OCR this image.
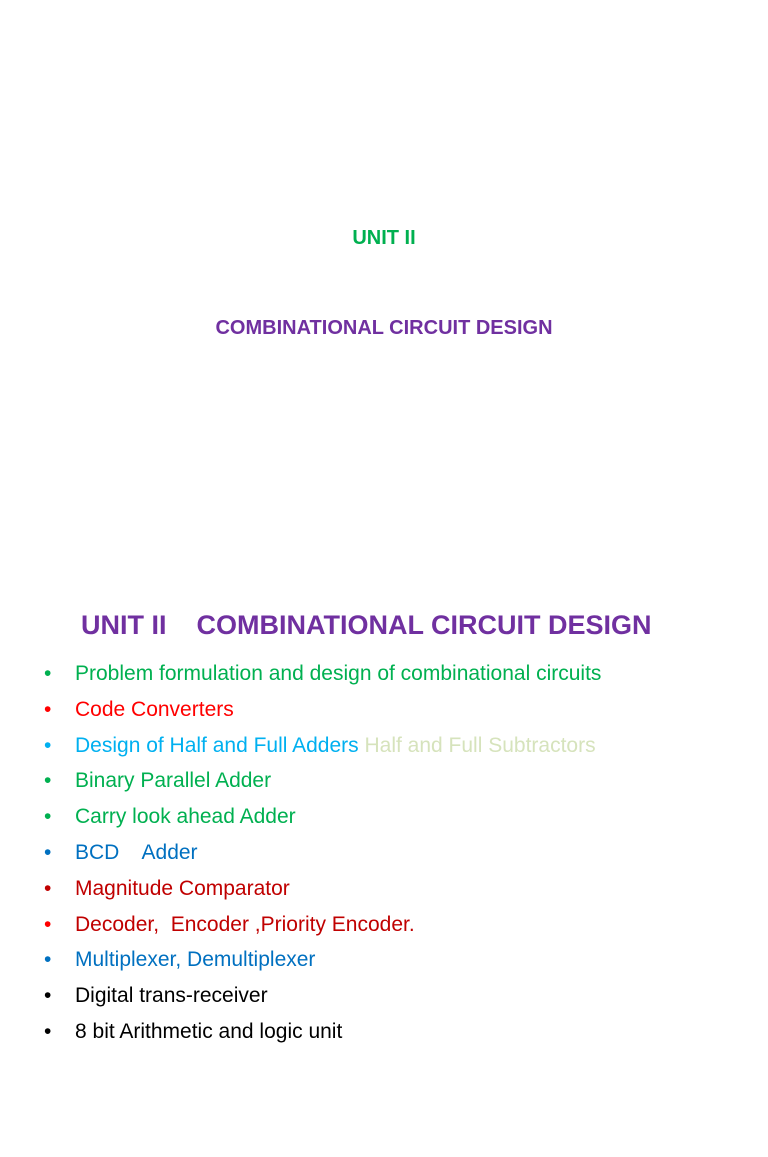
UNIT II
COMBINATIONAL CIRCUIT DESIGN
UNIT II    COMBINATIONAL CIRCUIT DESIGN

•

Problem formulation and design of combinational circuits

•

Code Converters

•

Design of Half and Full Adders Half and Full Subtractors

•

Binary Parallel Adder

•

Carry look ahead Adder

•

BCD    Adder

•

Magnitude Comparator

•

Decoder,  Encoder ,Priority Encoder.

•

Multiplexer, Demultiplexer

•

Digital trans-receiver

•

8 bit Arithmetic and logic unit
